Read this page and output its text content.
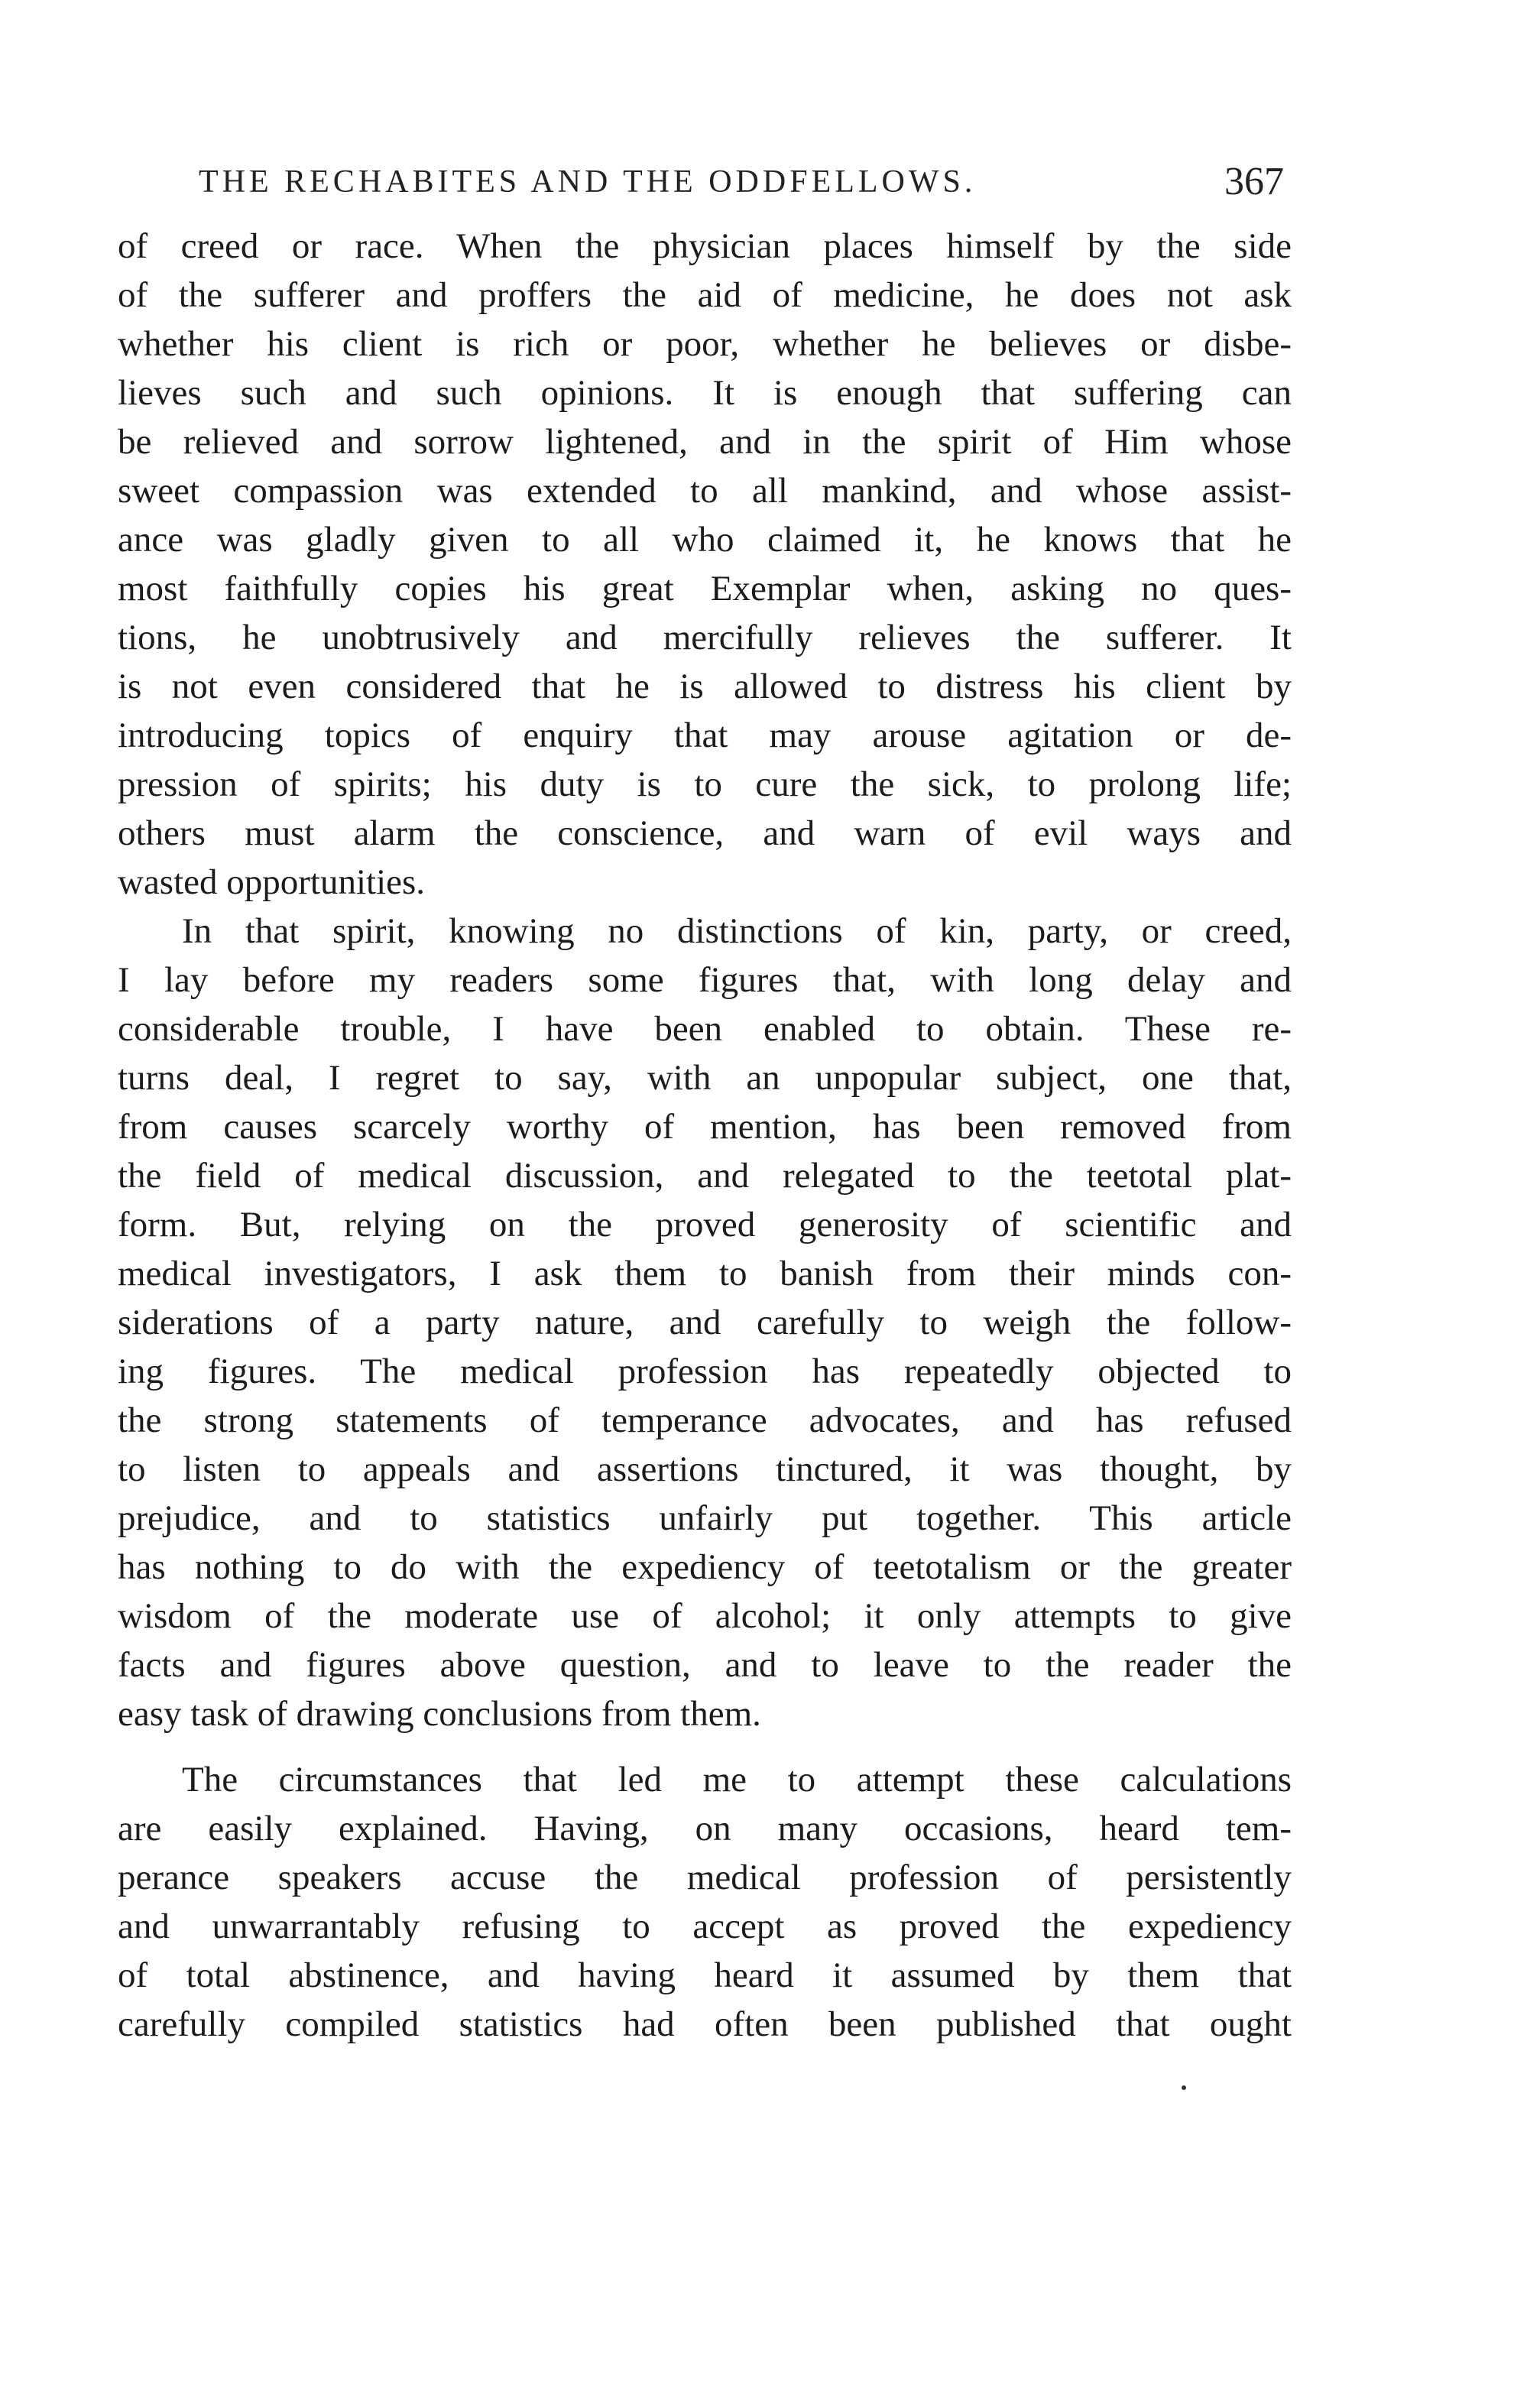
THE RECHABITES AND THE ODDFELLOWS.	367
of creed or race. When the physician places himself by the side
of the sufferer and proffers the aid of medicine, he does not ask
whether his client is rich or poor, whether he believes or disbe-
lieves such and such opinions. It is enough that suffering can
be relieved and sorrow lightened, and in the spirit of Him whose
sweet compassion was extended to all mankind, and whose assist-
ance was gladly given to all who claimed it, he knows that he
most faithfully copies his great Exemplar when, asking no ques-
tions, he unobtrusively and mercifully relieves the sufferer. It
is not even considered that he is allowed to distress his client by
introducing topics of enquiry that may arouse agitation or de-
pression of spirits; his duty is to cure the sick, to prolong life;
others must alarm the conscience, and warn of evil ways and
wasted opportunities.
In that spirit, knowing no distinctions of kin, party, or creed,
I lay before my readers some figures that, with long delay and
considerable trouble, I have been enabled to obtain. These re-
turns deal, I regret to say, with an unpopular subject, one that,
from causes scarcely worthy of mention, has been removed from
the field of medical discussion, and relegated to the teetotal plat-
form. But, relying on the proved generosity of scientific and
medical investigators, I ask them to banish from their minds con-
siderations of a party nature, and carefully to weigh the follow-
ing figures. The medical profession has repeatedly objected to
the strong statements of temperance advocates, and has refused
to listen to appeals and assertions tinctured, it was thought, by
prejudice, and to statistics unfairly put together. This article
has nothing to do with the expediency of teetotalism or the greater
wisdom of the moderate use of alcohol; it only attempts to give
facts and figures above question, and to leave to the reader the
easy task of drawing conclusions from them.
The circumstances that led me to attempt these calculations
are easily explained. Having, on many occasions, heard tem-
perance speakers accuse the medical profession of persistently
and unwarrantably refusing to accept as proved the expediency
of total abstinence, and having heard it assumed by them that
carefully compiled statistics had often been published that ought
